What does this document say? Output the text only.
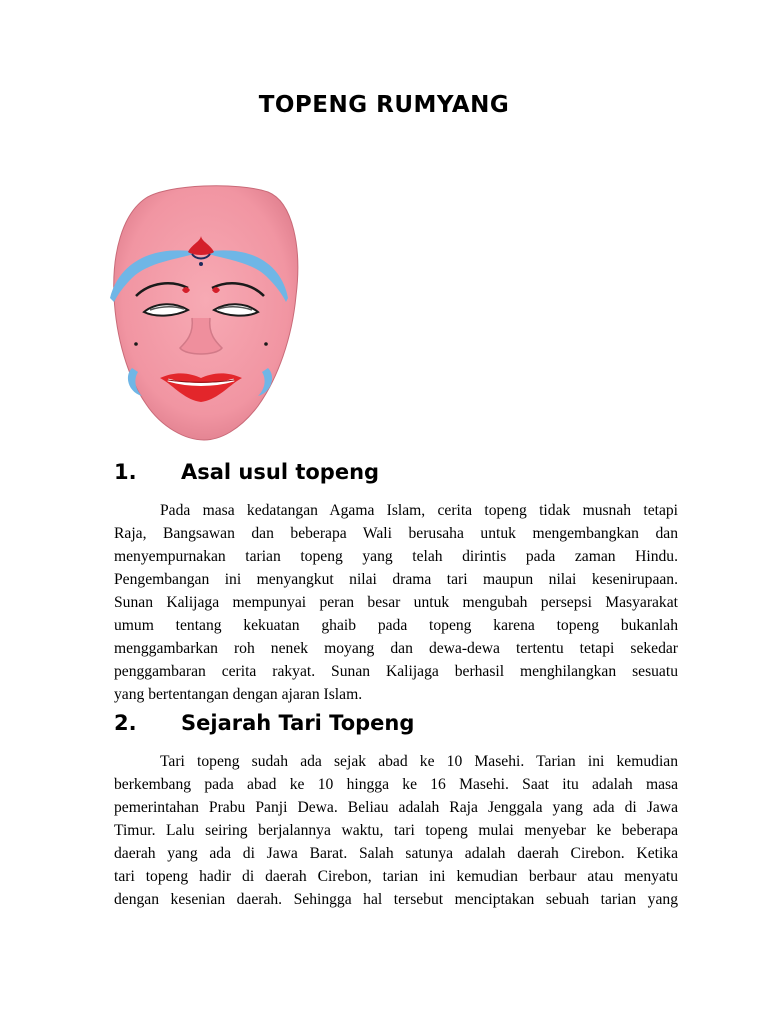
TOPENG RUMYANG
1. Asal usul topeng
Pada masa kedatangan Agama Islam, cerita topeng tidak musnah tetapi
Raja, Bangsawan dan beberapa Wali berusaha untuk mengembangkan dan
menyempurnakan tarian topeng yang telah dirintis pada zaman Hindu.
Pengembangan ini menyangkut nilai drama tari maupun nilai kesenirupaan.
Sunan Kalijaga mempunyai peran besar untuk mengubah persepsi Masyarakat
umum tentang kekuatan ghaib pada topeng karena topeng bukanlah
menggambarkan roh nenek moyang dan dewa-dewa tertentu tetapi sekedar
penggambaran cerita rakyat. Sunan Kalijaga berhasil menghilangkan sesuatu
yang bertentangan dengan ajaran Islam.
2. Sejarah Tari Topeng
Tari topeng sudah ada sejak abad ke 10 Masehi. Tarian ini kemudian
berkembang pada abad ke 10 hingga ke 16 Masehi. Saat itu adalah masa
pemerintahan Prabu Panji Dewa. Beliau adalah Raja Jenggala yang ada di Jawa
Timur. Lalu seiring berjalannya waktu, tari topeng mulai menyebar ke beberapa
daerah yang ada di Jawa Barat. Salah satunya adalah daerah Cirebon. Ketika
tari topeng hadir di daerah Cirebon, tarian ini kemudian berbaur atau menyatu
dengan kesenian daerah. Sehingga hal tersebut menciptakan sebuah tarian yang
